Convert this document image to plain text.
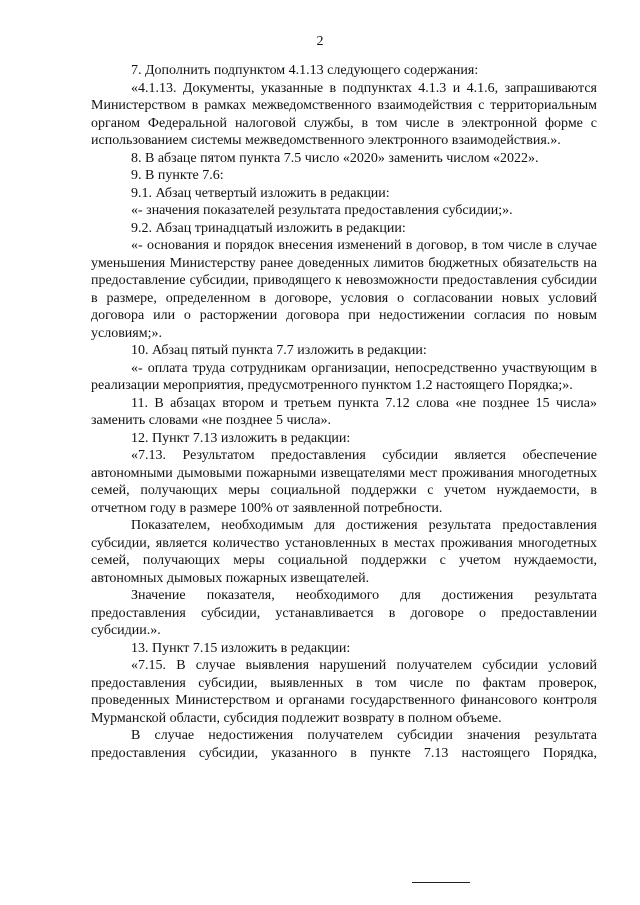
2

7. Дополнить подпунктом 4.1.13 следующего содержания:

«4.1.13. Документы, указанные в подпунктах 4.1.3 и 4.1.6, запрашиваются Министерством в рамках межведомственного взаимодействия с территориальным органом Федеральной налоговой службы, в том числе в электронной форме с использованием системы межведомственного электронного взаимодействия.».

8. В абзаце пятом пункта 7.5 число «2020» заменить числом «2022».

9. В пункте 7.6:

9.1. Абзац четвертый изложить в редакции:

«- значения показателей результата предоставления субсидии;».

9.2. Абзац тринадцатый изложить в редакции:

«- основания и порядок внесения изменений в договор, в том числе в случае уменьшения Министерству ранее доведенных лимитов бюджетных обязательств на предоставление субсидии, приводящего к невозможности предоставления субсидии в размере, определенном в договоре, условия о согласовании новых условий договора или о расторжении договора при недостижении согласия по новым условиям;».

10. Абзац пятый пункта 7.7 изложить в редакции:

«- оплата труда сотрудникам организации, непосредственно участвующим в реализации мероприятия, предусмотренного пунктом 1.2 настоящего Порядка;».

11. В абзацах втором и третьем пункта 7.12 слова «не позднее 15 числа» заменить словами «не позднее 5 числа».

12. Пункт 7.13 изложить в редакции:

«7.13. Результатом предоставления субсидии является обеспечение автономными дымовыми пожарными извещателями мест проживания многодетных семей, получающих меры социальной поддержки с учетом нуждаемости, в отчетном году в размере 100% от заявленной потребности.

Показателем, необходимым для достижения результата предоставления субсидии, является количество установленных в местах проживания многодетных семей, получающих меры социальной поддержки с учетом нуждаемости, автономных дымовых пожарных извещателей.

Значение показателя, необходимого для достижения результата предоставления субсидии, устанавливается в договоре о предоставлении субсидии.».

13. Пункт 7.15 изложить в редакции:

«7.15. В случае выявления нарушений получателем субсидии условий предоставления субсидии, выявленных в том числе по фактам проверок, проведенных Министерством и органами государственного финансового контроля Мурманской области, субсидия подлежит возврату в полном объеме.

В случае недостижения получателем субсидии значения результата предоставления субсидии, указанного в пункте 7.13 настоящего Порядка,
